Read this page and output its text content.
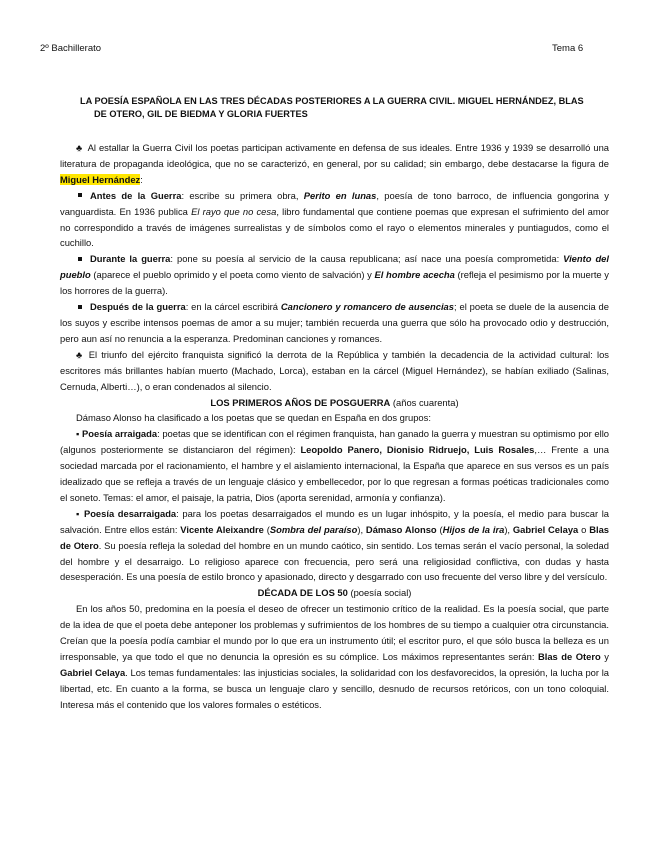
2º Bachillerato	Tema 6
LA POESÍA ESPAÑOLA EN LAS TRES DÉCADAS POSTERIORES A LA GUERRA CIVIL. MIGUEL HERNÁNDEZ, BLAS
DE OTERO, GIL DE BIEDMA Y GLORIA FUERTES

♣ Al estallar la Guerra Civil los poetas participan activamente en defensa de sus ideales. Entre 1936 y 1939 se desarrolló una literatura de propaganda ideológica, que no se caracterizó, en general, por su calidad; sin embargo, debe destacarse la figura de Miguel Hernández:

Antes de la Guerra: escribe su primera obra, Perito en lunas, poesía de tono barroco, de influencia gongorina y vanguardista. En 1936 publica El rayo que no cesa, libro fundamental que contiene poemas que expresan el sufrimiento del amor no correspondido a través de imágenes surrealistas y de símbolos como el rayo o elementos minerales y puntiagudos, como el cuchillo.

Durante la guerra: pone su poesía al servicio de la causa republicana; así nace una poesía comprometida: Viento del pueblo (aparece el pueblo oprimido y el poeta como viento de salvación) y El hombre acecha (refleja el pesimismo por la muerte y los horrores de la guerra).

Después de la guerra: en la cárcel escribirá Cancionero y romancero de ausencias; el poeta se duele de la ausencia de los suyos y escribe intensos poemas de amor a su mujer; también recuerda una guerra que sólo ha provocado odio y destrucción, pero aun así no renuncia a la esperanza. Predominan canciones y romances.

♣ El triunfo del ejército franquista significó la derrota de la República y también la decadencia de la actividad cultural: los escritores más brillantes habían muerto (Machado, Lorca), estaban en la cárcel (Miguel Hernández), se habían exiliado (Salinas, Cernuda, Alberti…), o eran condenados al silencio.

LOS PRIMEROS AÑOS DE POSGUERRA (años cuarenta)

Dámaso Alonso ha clasificado a los poetas que se quedan en España en dos grupos:

▪ Poesía arraigada: poetas que se identifican con el régimen franquista, han ganado la guerra y muestran su optimismo por ello (algunos posteriormente se distanciaron del régimen): Leopoldo Panero, Dionisio Ridruejo, Luis Rosales,… Frente a una sociedad marcada por el racionamiento, el hambre y el aislamiento internacional, la España que aparece en sus versos es un país idealizado que se refleja a través de un lenguaje clásico y embellecedor, por lo que regresan a formas poéticas tradicionales como el soneto. Temas: el amor, el paisaje, la patria, Dios (aporta serenidad, armonía y confianza).

▪ Poesía desarraigada: para los poetas desarraigados el mundo es un lugar inhóspito, y la poesía, el medio para buscar la salvación. Entre ellos están: Vicente Aleixandre (Sombra del paraíso), Dámaso Alonso (Hijos de la ira), Gabriel Celaya o Blas de Otero. Su poesía refleja la soledad del hombre en un mundo caótico, sin sentido. Los temas serán el vacío personal, la soledad del hombre y el desarraigo. Lo religioso aparece con frecuencia, pero será una religiosidad conflictiva, con dudas y hasta desesperación. Es una poesía de estilo bronco y apasionado, directo y desgarrado con uso frecuente del verso libre y del versículo.

DÉCADA DE LOS 50 (poesía social)

En los años 50, predomina en la poesía el deseo de ofrecer un testimonio crítico de la realidad. Es la poesía social, que parte de la idea de que el poeta debe anteponer los problemas y sufrimientos de los hombres de su tiempo a cualquier otra circunstancia. Creían que la poesía podía cambiar el mundo por lo que era un instrumento útil; el escritor puro, el que sólo busca la belleza es un irresponsable, ya que todo el que no denuncia la opresión es su cómplice. Los máximos representantes serán: Blas de Otero y Gabriel Celaya. Los temas fundamentales: las injusticias sociales, la solidaridad con los desfavorecidos, la opresión, la lucha por la libertad, etc. En cuanto a la forma, se busca un lenguaje claro y sencillo, desnudo de recursos retóricos, con un tono coloquial. Interesa más el contenido que los valores formales o estéticos.
